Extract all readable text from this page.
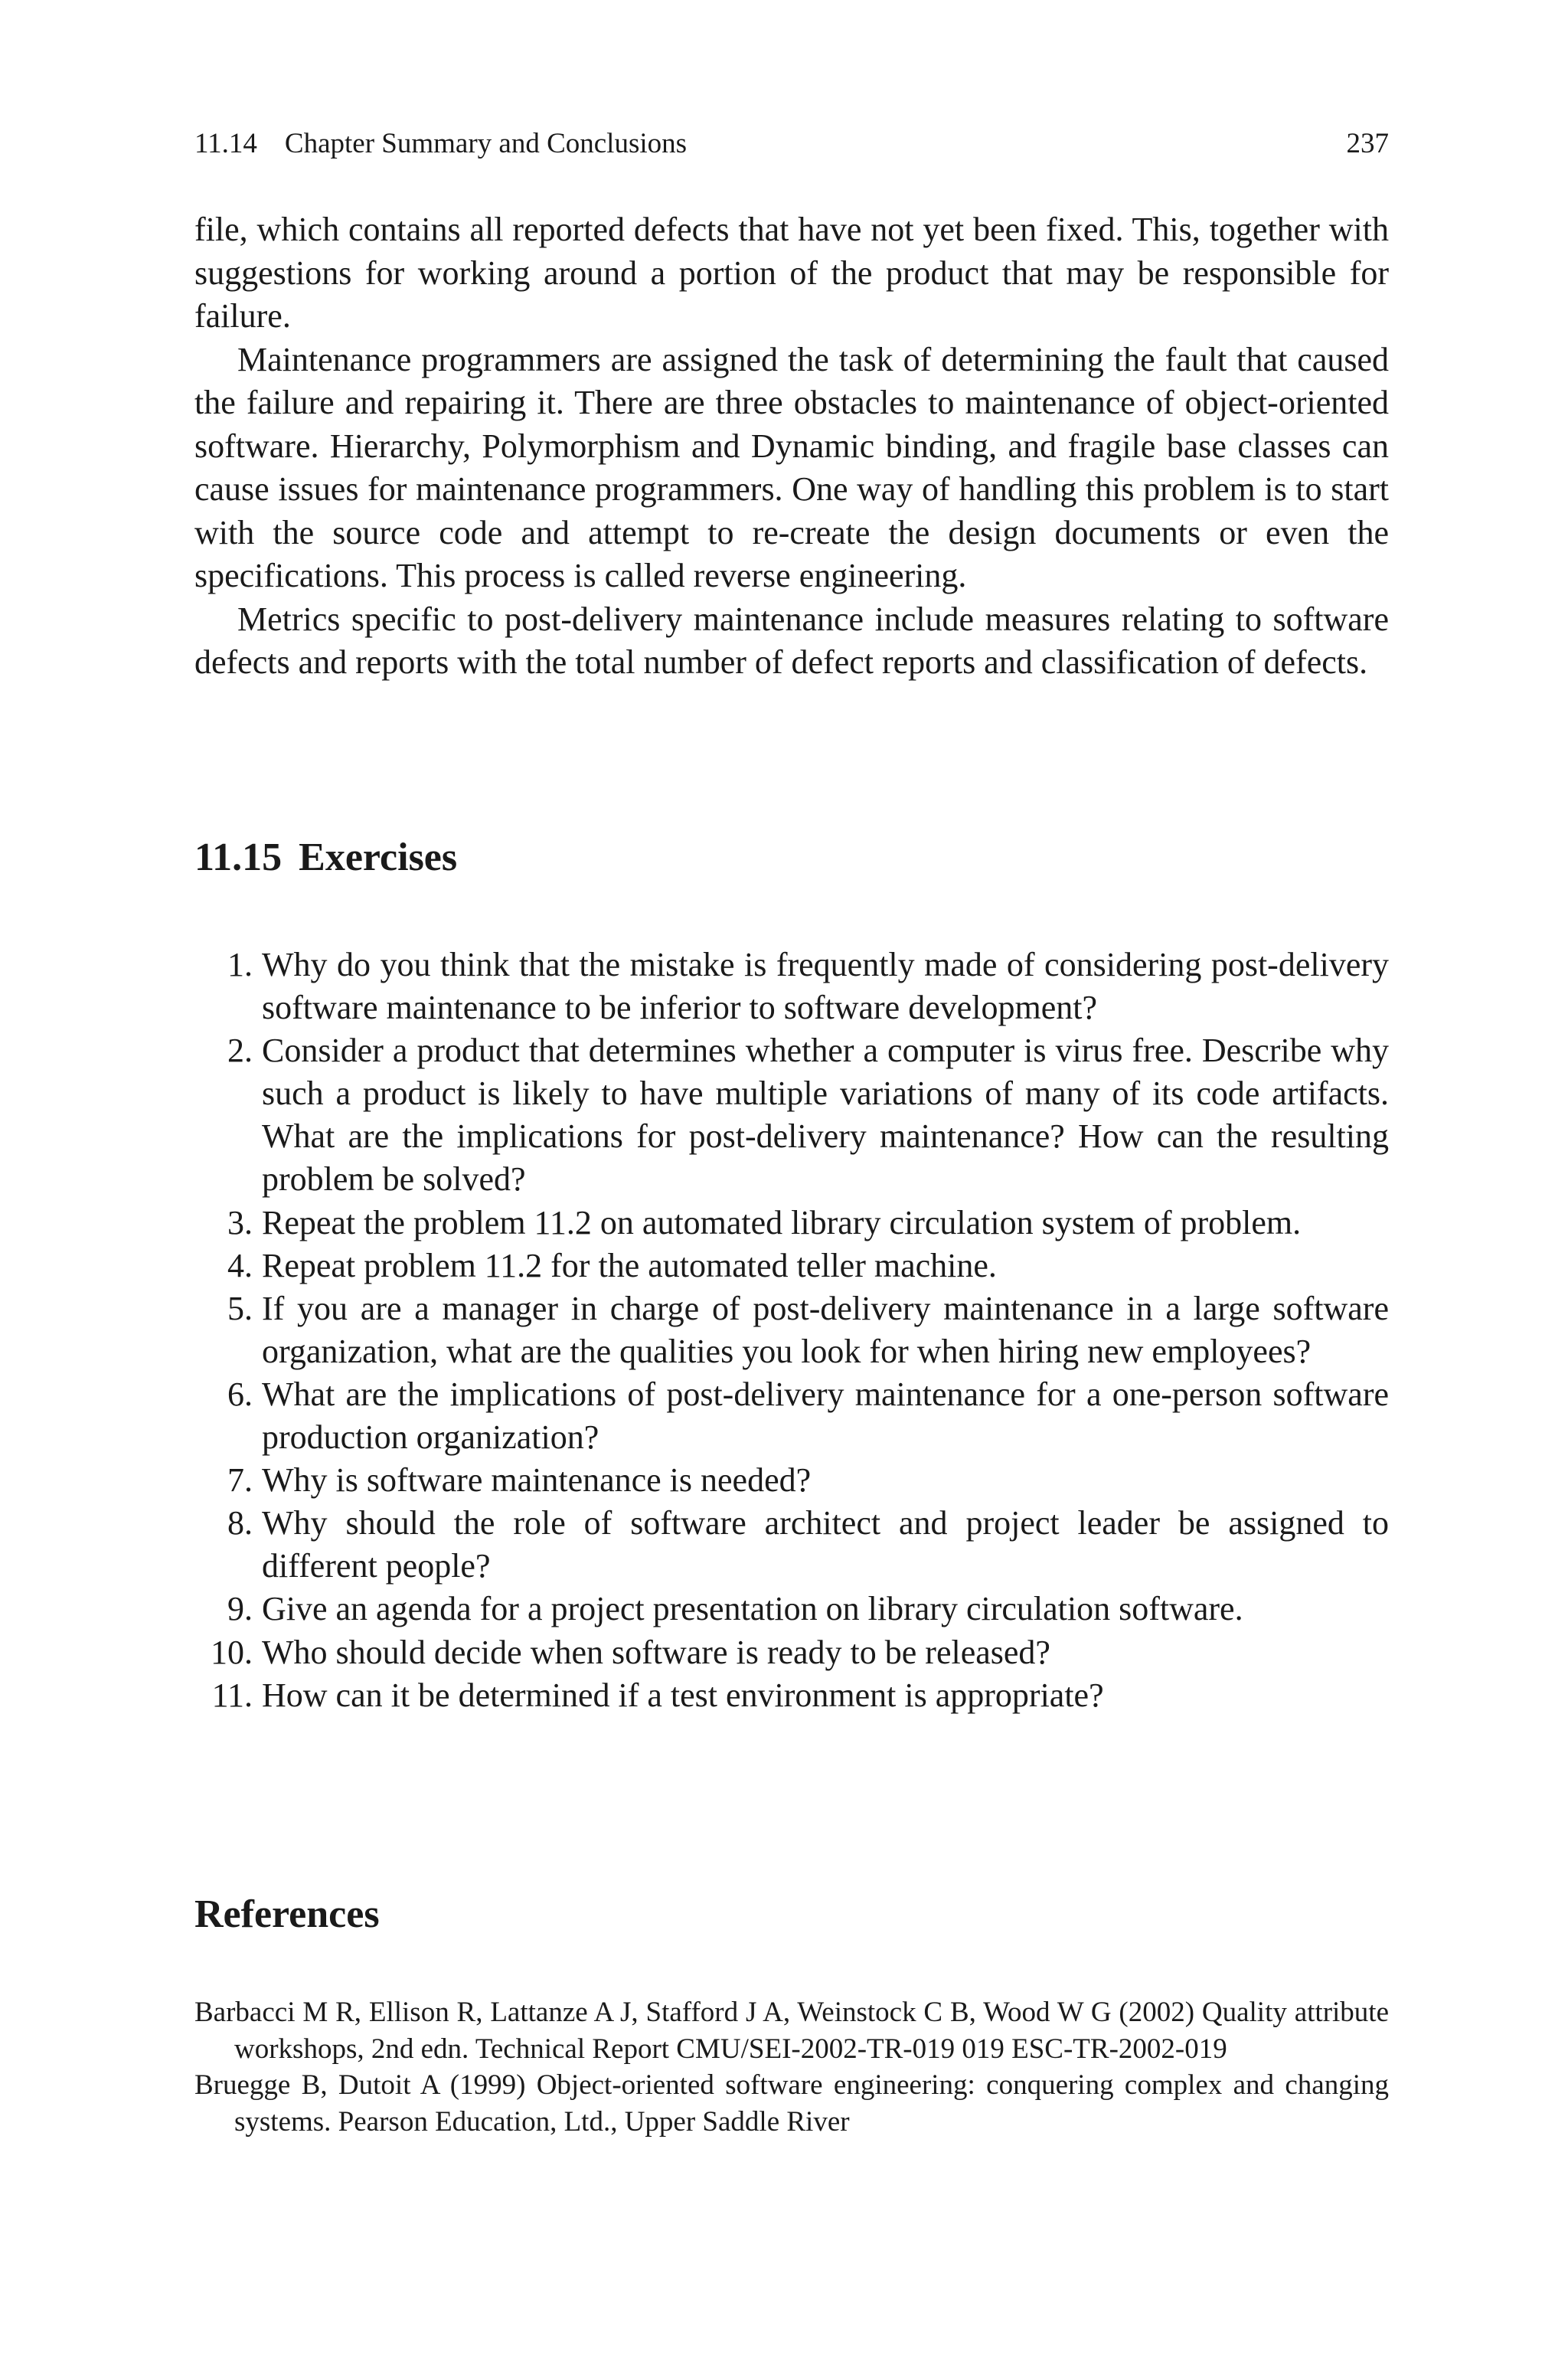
11.14 Chapter Summary and Conclusions	237

file, which contains all reported defects that have not yet been fixed. This, together with suggestions for working around a portion of the product that may be responsible for failure.

Maintenance programmers are assigned the task of determining the fault that caused the failure and repairing it. There are three obstacles to maintenance of object-oriented software. Hierarchy, Polymorphism and Dynamic binding, and fragile base classes can cause issues for maintenance programmers. One way of handling this problem is to start with the source code and attempt to re-create the design documents or even the specifications. This process is called reverse engineering.

Metrics specific to post-delivery maintenance include measures relating to software defects and reports with the total number of defect reports and classification of defects.

11.15 Exercises
1. Why do you think that the mistake is frequently made of considering post-delivery software maintenance to be inferior to software development?
2. Consider a product that determines whether a computer is virus free. Describe why such a product is likely to have multiple variations of many of its code artifacts. What are the implications for post-delivery maintenance? How can the resulting problem be solved?
3. Repeat the problem 11.2 on automated library circulation system of problem.
4. Repeat problem 11.2 for the automated teller machine.
5. If you are a manager in charge of post-delivery maintenance in a large software organization, what are the qualities you look for when hiring new employees?
6. What are the implications of post-delivery maintenance for a one-person software production organization?
7. Why is software maintenance is needed?
8. Why should the role of software architect and project leader be assigned to different people?
9. Give an agenda for a project presentation on library circulation software.
10. Who should decide when software is ready to be released?
11. How can it be determined if a test environment is appropriate?
References

Barbacci M R, Ellison R, Lattanze A J, Stafford J A, Weinstock C B, Wood W G (2002) Quality attribute workshops, 2nd edn. Technical Report CMU/SEI-2002-TR-019 019 ESC-TR-2002-019

Bruegge B, Dutoit A (1999) Object-oriented software engineering: conquering complex and changing systems. Pearson Education, Ltd., Upper Saddle River
